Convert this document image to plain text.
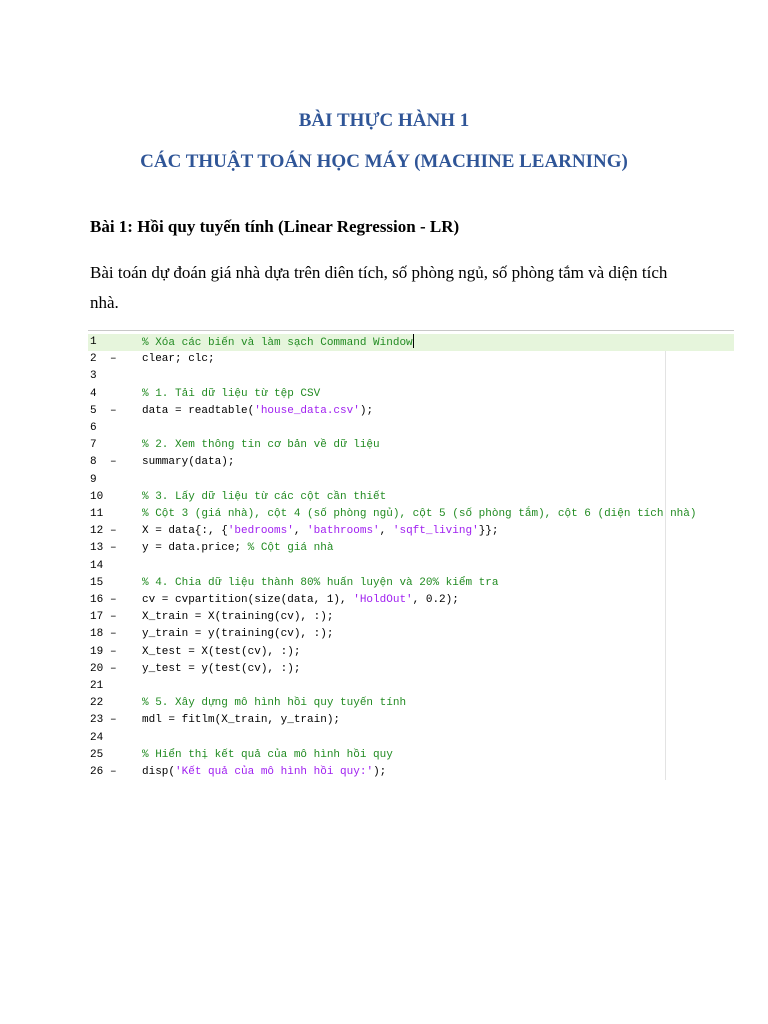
BÀI THỰC HÀNH 1
CÁC THUẬT TOÁN HỌC MÁY (MACHINE LEARNING)
Bài 1: Hồi quy tuyến tính (Linear Regression - LR)
Bài toán dự đoán giá nhà dựa trên diên tích, số phòng ngủ, số phòng tắm và diện tích nhà.
1	% Xóa các biến và làm sạch Command Window
2	–	clear; clc;
3
4	% 1. Tải dữ liệu từ tệp CSV
5	–	data = readtable('house_data.csv');
6
7	% 2. Xem thông tin cơ bản về dữ liệu
8	–	summary(data);
9
10	% 3. Lấy dữ liệu từ các cột cần thiết
11	% Cột 3 (giá nhà), cột 4 (số phòng ngủ), cột 5 (số phòng tắm), cột 6 (diện tích nhà)
12 –	X = data{:, {'bedrooms', 'bathrooms', 'sqft_living'}};
13 –	y = data.price; % Cột giá nhà
14
15	% 4. Chia dữ liệu thành 80% huấn luyện và 20% kiểm tra
16 –	cv = cvpartition(size(data, 1), 'HoldOut', 0.2);
17 –	X_train = X(training(cv), :);
18 –	y_train = y(training(cv), :);
19 –	X_test = X(test(cv), :);
20 –	y_test = y(test(cv), :);
21
22	% 5. Xây dựng mô hình hồi quy tuyến tính
23 –	mdl = fitlm(X_train, y_train);
24
25	% Hiển thị kết quả của mô hình hồi quy
26 –	disp('Kết quả của mô hình hồi quy:');
